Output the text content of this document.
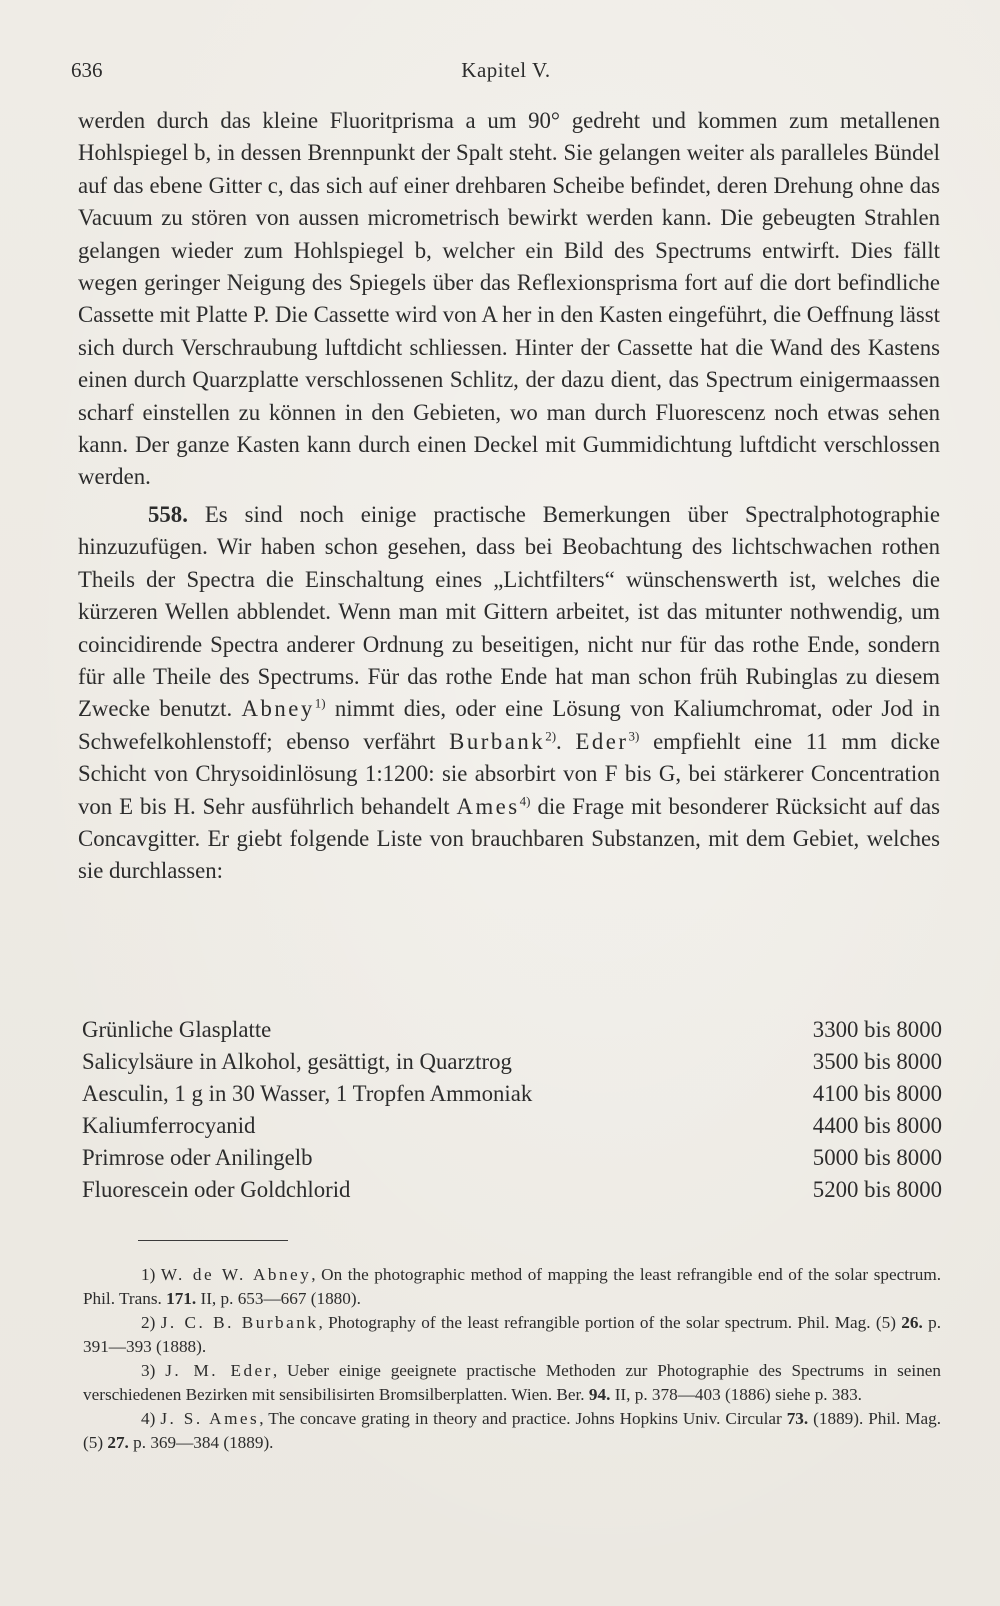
636	Kapitel V.

werden durch das kleine Fluoritprisma a um 90° gedreht und kommen zum metallenen Hohlspiegel b, in dessen Brennpunkt der Spalt steht. Sie gelangen weiter als paralleles Bündel auf das ebene Gitter c, das sich auf einer drehbaren Scheibe befindet, deren Drehung ohne das Vacuum zu stören von aussen micrometrisch bewirkt werden kann. Die gebeugten Strahlen gelangen wieder zum Hohlspiegel b, welcher ein Bild des Spectrums entwirft. Dies fällt wegen geringer Neigung des Spiegels über das Reflexionsprisma fort auf die dort befindliche Cassette mit Platte P. Die Cassette wird von A her in den Kasten eingeführt, die Oeffnung lässt sich durch Verschraubung luftdicht schliessen. Hinter der Cassette hat die Wand des Kastens einen durch Quarzplatte verschlossenen Schlitz, der dazu dient, das Spectrum einigermaassen scharf einstellen zu können in den Gebieten, wo man durch Fluorescenz noch etwas sehen kann. Der ganze Kasten kann durch einen Deckel mit Gummidichtung luftdicht verschlossen werden.

558. Es sind noch einige practische Bemerkungen über Spectralphotographie hinzuzufügen. Wir haben schon gesehen, dass bei Beobachtung des lichtschwachen rothen Theils der Spectra die Einschaltung eines „Lichtfilters“ wünschenswerth ist, welches die kürzeren Wellen abblendet. Wenn man mit Gittern arbeitet, ist das mitunter nothwendig, um coincidirende Spectra anderer Ordnung zu beseitigen, nicht nur für das rothe Ende, sondern für alle Theile des Spectrums. Für das rothe Ende hat man schon früh Rubinglas zu diesem Zwecke benutzt. Abney$^{1)}$ nimmt dies, oder eine Lösung von Kaliumchromat, oder Jod in Schwefelkohlenstoff; ebenso verfährt Burbank$^{2)}$. Eder$^{3)}$ empfiehlt eine 11 mm dicke Schicht von Chrysoidinlösung 1:1200: sie absorbirt von F bis G, bei stärkerer Concentration von E bis H. Sehr ausführlich behandelt Ames$^{4)}$ die Frage mit besonderer Rücksicht auf das Concavgitter. Er giebt folgende Liste von brauchbaren Substanzen, mit dem Gebiet, welches sie durchlassen:

Grünliche Glasplatte	3300 bis 8000
Salicylsäure in Alkohol, gesättigt, in Quarztrog	3500 bis 8000
Aesculin, 1 g in 30 Wasser, 1 Tropfen Ammoniak	4100 bis 8000
Kaliumferrocyanid	4400 bis 8000
Primrose oder Anilingelb	5000 bis 8000
Fluorescein oder Goldchlorid	5200 bis 8000

1) W. de W. Abney, On the photographic method of mapping the least refrangible end of the solar spectrum. Phil. Trans. 171. II, p. 653—667 (1880).

2) J. C. B. Burbank, Photography of the least refrangible portion of the solar spectrum. Phil. Mag. (5) 26. p. 391—393 (1888).

3) J. M. Eder, Ueber einige geeignete practische Methoden zur Photographie des Spectrums in seinen verschiedenen Bezirken mit sensibilisirten Bromsilberplatten. Wien. Ber. 94. II, p. 378—403 (1886) siehe p. 383.

4) J. S. Ames, The concave grating in theory and practice. Johns Hopkins Univ. Circular 73. (1889). Phil. Mag. (5) 27. p. 369—384 (1889).
